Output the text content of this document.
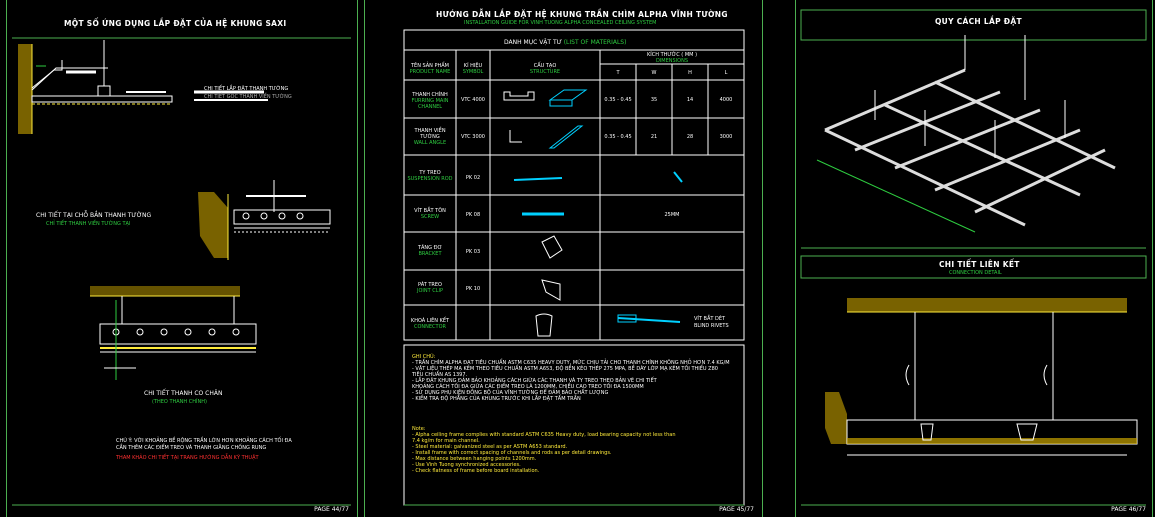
MỘT SỐ ỨNG DỤNG LẮP ĐẶT CỦA HỆ KHUNG SAXI
CHI TIẾT LẮP ĐẶT THANH TƯỜNG
CHI TIẾT GÓC THANH VIỀN TƯỜNG
CHI TIẾT TẠI CHỖ BẮN THANH TƯỜNG
CHỈ TIẾT THANH VIỀN TƯỜNG TẠI
CHI TIẾT THANH CO CHÂN
(THEO THANH CHÍNH)
CHÚ Ý: VỚI KHOẢNG BỀ RỘNG TRẦN LỚN HƠN KHOẢNG CÁCH TỐI ĐA
CẦN THÊM CÁC ĐIỂM TREO VÀ THANH GIẰNG CHỐNG RUNG
THAM KHẢO CHI TIẾT TẠI TRANG HƯỚNG DẪN KỸ THUẬT
PAGE 44/77
HƯỚNG DẪN LẮP ĐẶT HỆ KHUNG TRẦN CHÌM ALPHA VĨNH TƯỜNG
INSTALLATION GUIDE FOR VINH TUONG ALPHA CONCEALED CEILING SYSTEM
DANH MỤC VẬT TƯ (LIST OF MATERIALS)
TÊN SẢN PHẨM
PRODUCT NAME
KÍ HIỆU
SYMBOL
CẤU TẠO
STRUCTURE
KÍCH THƯỚC ( MM )
DIMENSIONS
T	W	H	L
THANH CHÍNH
FURRING MAIN CHANNEL
VTC 4000	0.35 - 0.45	35	14	4000
THANH VIỀN TƯỜNG
WALL ANGLE
VTC 3000	0.35 - 0.45	21	28	3000
TY TREO
SUSPENSION ROD	PK 02
VÍT BẮT TÔN
SCREW	PK 08	25MM
TĂNG ĐƠ
BRACKET	PK 03
PÁT TREO
JOINT CLIP	PK 10
KHOÁ LIÊN KẾT
CONNECTOR
VÍT BẮT DÉT
BLIND RIVETS
GHI CHÚ:
- TRẦN CHÌM ALPHA ĐẠT TIÊU CHUẨN ASTM C635 HEAVY DUTY, MỨC CHỊU TẢI CHO THANH CHÍNH KHÔNG NHỎ HƠN 7.4 KG/M
- VẬT LIỆU THÉP MẠ KẼM THEO TIÊU CHUẨN ASTM A653, ĐỘ BỀN KÉO THÉP 275 MPA, BỀ DÀY LỚP MẠ KẼM TỐI THIỂU Z80
TIÊU CHUẨN AS 1397.
- LẮP ĐẶT KHUNG ĐẢM BẢO KHOẢNG CÁCH GIỮA CÁC THANH VÀ TY TREO THEO BẢN VẼ CHI TIẾT
KHOẢNG CÁCH TỐI ĐA GIỮA CÁC ĐIỂM TREO LÀ 1200MM, CHIỀU CAO TREO TỐI ĐA 1500MM
- SỬ DỤNG PHỤ KIỆN ĐỒNG BỘ CỦA VĨNH TƯỜNG ĐỂ ĐẢM BẢO CHẤT LƯỢNG
- KIỂM TRA ĐỘ PHẲNG CỦA KHUNG TRƯỚC KHI LẮP ĐẶT TẤM TRẦN
Note:
- Alpha ceiling frame complies with standard ASTM C635 Heavy duty, load bearing capacity not less than
7.4 kg/m for main channel.
- Steel material: galvanized steel as per ASTM A653 standard.
- Install frame with correct spacing of channels and rods as per detail drawings.
- Max distance between hanging points 1200mm.
- Use Vinh Tuong synchronized accessories.
- Check flatness of frame before board installation.
PAGE 45/77
QUY CÁCH LẮP ĐẶT
CHI TIẾT LIÊN KẾT
CONNECTION DETAIL
PAGE 46/77
